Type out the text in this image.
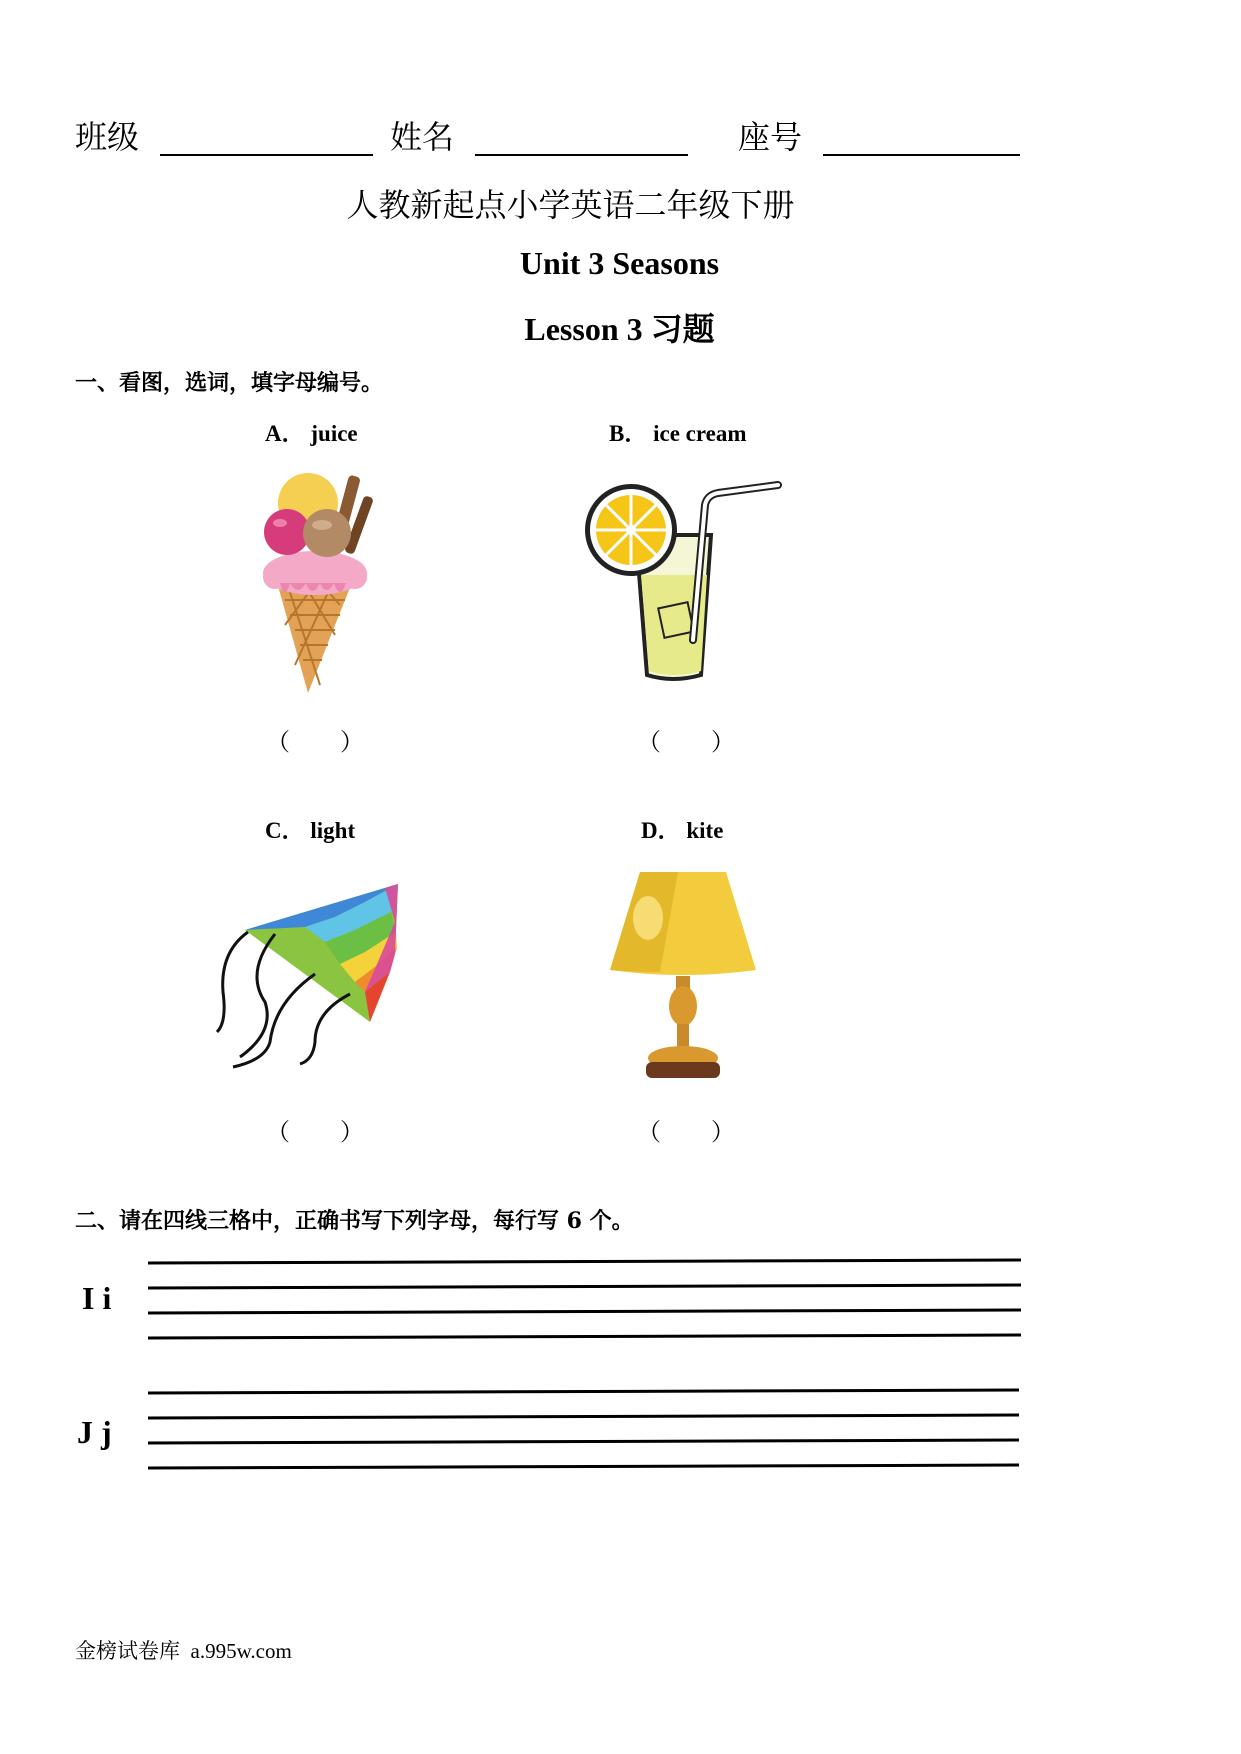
班级	姓名	座号
人教新起点小学英语二年级下册
Unit 3 Seasons
Lesson 3 习题
一、看图，选词，填字母编号。
A． juice	B． ice cream
C． light	D． kite
（ ）	（ ）
（ ）	（ ）
二、请在四线三格中，正确书写下列字母，每行写 6 个。
I i
J j
金榜试卷库  a.995w.com
